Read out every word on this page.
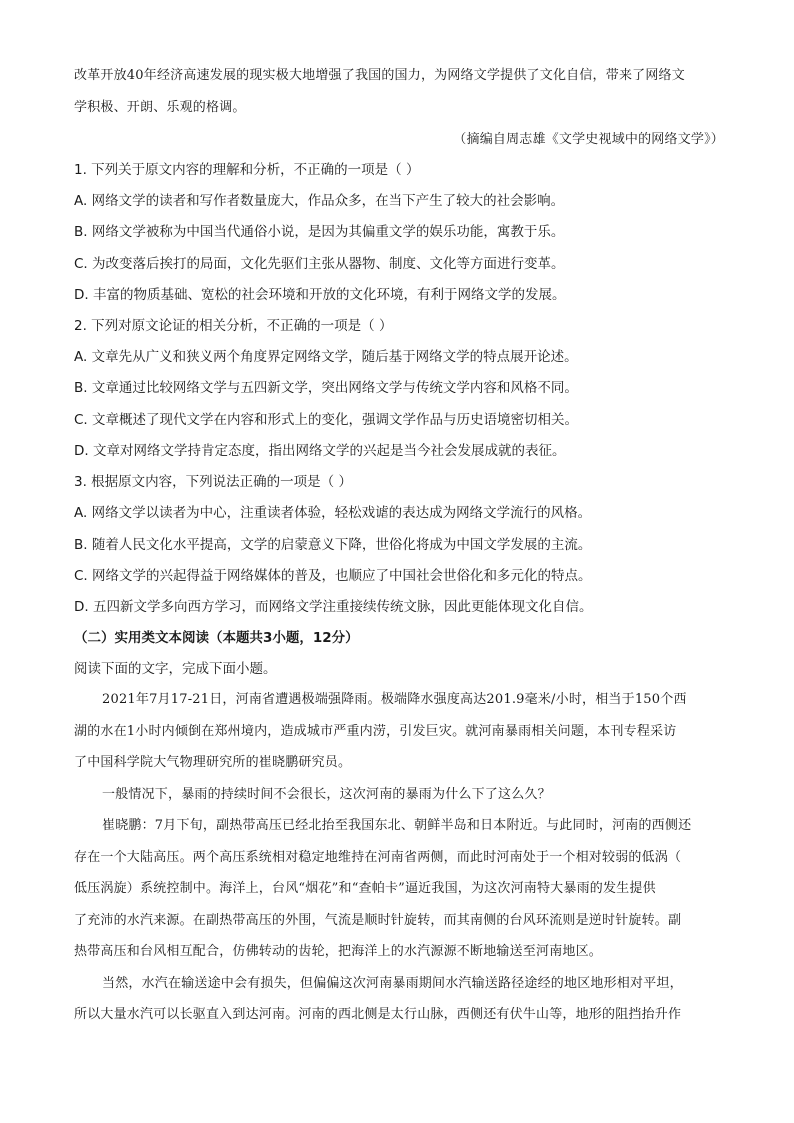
改革开放40年经济高速发展的现实极大地增强了我国的国力，为网络文学提供了文化自信，带来了网络文
学积极、开朗、乐观的格调。
（摘编自周志雄《文学史视域中的网络文学》）
1. 下列关于原文内容的理解和分析，不正确的一项是（ ）
A. 网络文学的读者和写作者数量庞大，作品众多，在当下产生了较大的社会影响。
B. 网络文学被称为中国当代通俗小说，是因为其偏重文学的娱乐功能，寓教于乐。
C. 为改变落后挨打的局面，文化先驱们主张从器物、制度、文化等方面进行变革。
D. 丰富的物质基础、宽松的社会环境和开放的文化环境，有利于网络文学的发展。
2. 下列对原文论证的相关分析，不正确的一项是（ ）
A. 文章先从广义和狭义两个角度界定网络文学，随后基于网络文学的特点展开论述。
B. 文章通过比较网络文学与五四新文学，突出网络文学与传统文学内容和风格不同。
C. 文章概述了现代文学在内容和形式上的变化，强调文学作品与历史语境密切相关。
D. 文章对网络文学持肯定态度，指出网络文学的兴起是当今社会发展成就的表征。
3. 根据原文内容，下列说法正确的一项是（ ）
A. 网络文学以读者为中心，注重读者体验，轻松戏谑的表达成为网络文学流行的风格。
B. 随着人民文化水平提高，文学的启蒙意义下降，世俗化将成为中国文学发展的主流。
C. 网络文学的兴起得益于网络媒体的普及，也顺应了中国社会世俗化和多元化的特点。
D. 五四新文学多向西方学习，而网络文学注重接续传统文脉，因此更能体现文化自信。
（二）实用类文本阅读（本题共3小题，12分）
阅读下面的文字，完成下面小题。
2021年7月17-21日，河南省遭遇极端强降雨。极端降水强度高达201.9毫米/小时，相当于150个西
湖的水在1小时内倾倒在郑州境内，造成城市严重内涝，引发巨灾。就河南暴雨相关问题，本刊专程采访
了中国科学院大气物理研究所的崔晓鹏研究员。
一般情况下，暴雨的持续时间不会很长，这次河南的暴雨为什么下了这么久？
崔晓鹏：7月下旬，副热带高压已经北抬至我国东北、朝鲜半岛和日本附近。与此同时，河南的西侧还
存在一个大陆高压。两个高压系统相对稳定地维持在河南省两侧，而此时河南处于一个相对较弱的低涡（
低压涡旋）系统控制中。海洋上，台风“烟花”和“查帕卡”逼近我国，为这次河南特大暴雨的发生提供
了充沛的水汽来源。在副热带高压的外围，气流是顺时针旋转，而其南侧的台风环流则是逆时针旋转。副
热带高压和台风相互配合，仿佛转动的齿轮，把海洋上的水汽源源不断地输送至河南地区。
当然，水汽在输送途中会有损失，但偏偏这次河南暴雨期间水汽输送路径途经的地区地形相对平坦，
所以大量水汽可以长驱直入到达河南。河南的西北侧是太行山脉，西侧还有伏牛山等，地形的阻挡抬升作
